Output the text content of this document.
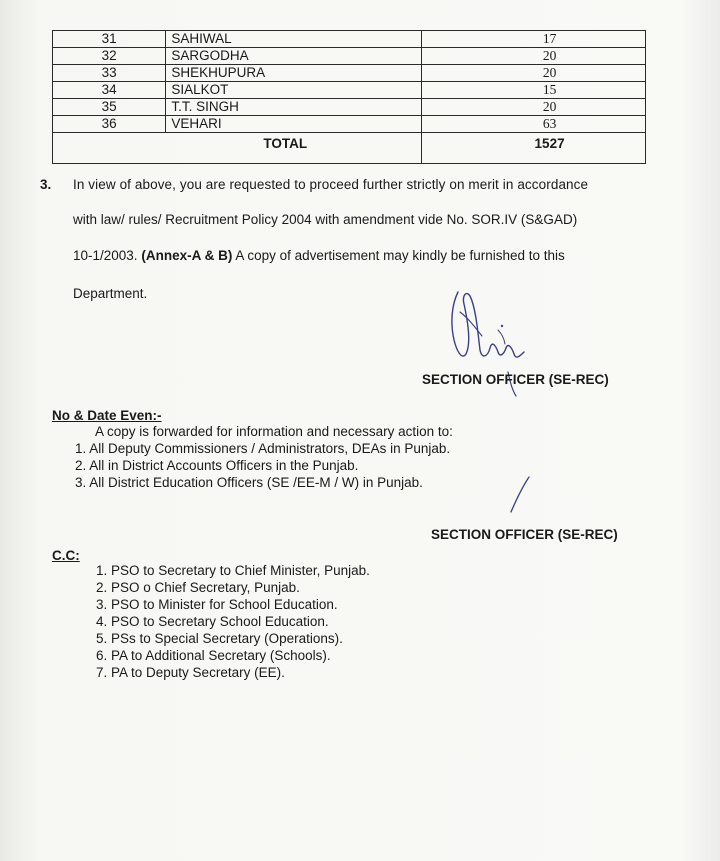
31	SAHIWAL	17
32	SARGODHA	20
33	SHEKHUPURA	20
34	SIALKOT	15
35	T.T. SINGH	20
36	VEHARI	63
TOTAL		1527
3. In view of above, you are requested to proceed further strictly on merit in accordance
with law/ rules/ Recruitment Policy 2004 with amendment vide No. SOR.IV (S&GAD)
10-1/2003. (Annex-A & B) A copy of advertisement may kindly be furnished to this
Department.
SECTION OFFICER (SE-REC)
No & Date Even:-
A copy is forwarded for information and necessary action to:
1. All Deputy Commissioners / Administrators, DEAs in Punjab.
2. All in District Accounts Officers in the Punjab.
3. All District Education Officers (SE /EE-M / W) in Punjab.
SECTION OFFICER (SE-REC)
C.C:
1. PSO to Secretary to Chief Minister, Punjab.
2. PSO o Chief Secretary, Punjab.
3. PSO to Minister for School Education.
4. PSO to Secretary School Education.
5. PSs to Special Secretary (Operations).
6. PA to Additional Secretary (Schools).
7. PA to Deputy Secretary (EE).
